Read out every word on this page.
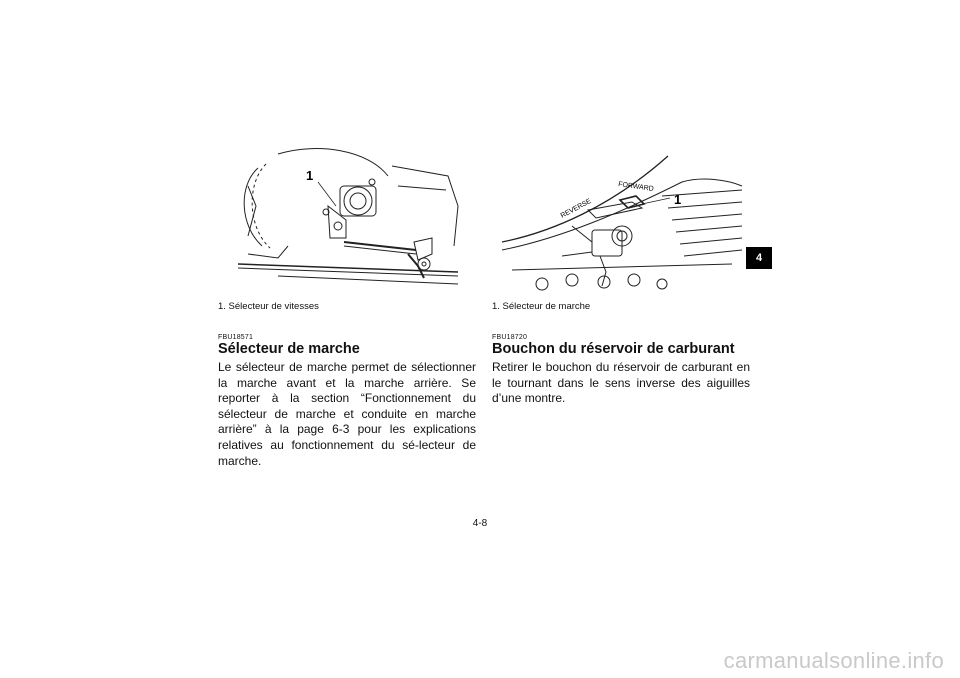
4
1

1. Sélecteur de vitesses

FBU18571

Sélecteur de marche

Le sélecteur de marche permet de sélectionner la marche avant et la marche arrière. Se reporter à la section “Fonctionnement du sélecteur de marche et conduite en marche arrière” à la page 6-3 pour les explications relatives au fonctionnement du sé-lecteur de marche.

REVERSE
FORWARD
1

1. Sélecteur de marche

FBU18720

Bouchon du réservoir de carburant

Retirer le bouchon du réservoir de carburant en le tournant dans le sens inverse des aiguilles d’une montre.

4-8
carmanualsonline.info
